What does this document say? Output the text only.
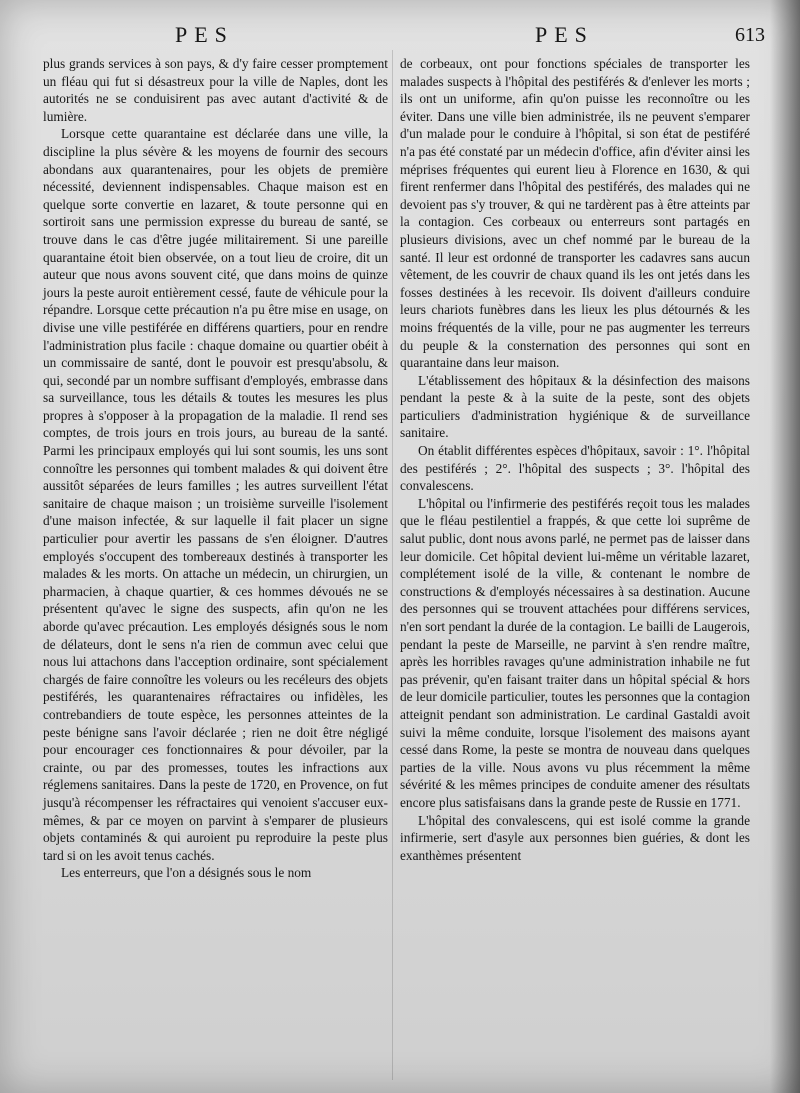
PES	PES	613

plus grands services à son pays, & d'y faire cesser promptement un fléau qui fut si désastreux pour la ville de Naples, dont les autorités ne se conduisirent pas avec autant d'activité & de lumière.

Lorsque cette quarantaine est déclarée dans une ville, la discipline la plus sévère & les moyens de fournir des secours abondans aux quarantenaires, pour les objets de première nécessité, deviennent indispensables. Chaque maison est en quelque sorte convertie en lazaret, & toute personne qui en sortiroit sans une permission expresse du bureau de santé, se trouve dans le cas d'être jugée militairement. Si une pareille quarantaine étoit bien observée, on a tout lieu de croire, dit un auteur que nous avons souvent cité, que dans moins de quinze jours la peste auroit entièrement cessé, faute de véhicule pour la répandre. Lorsque cette précaution n'a pu être mise en usage, on divise une ville pestiférée en différens quartiers, pour en rendre l'administration plus facile : chaque domaine ou quartier obéit à un commissaire de santé, dont le pouvoir est presqu'absolu, & qui, secondé par un nombre suffisant d'employés, embrasse dans sa surveillance, tous les détails & toutes les mesures les plus propres à s'opposer à la propagation de la maladie. Il rend ses comptes, de trois jours en trois jours, au bureau de la santé. Parmi les principaux employés qui lui sont soumis, les uns sont connoître les personnes qui tombent malades & qui doivent être aussitôt séparées de leurs familles ; les autres surveillent l'état sanitaire de chaque maison ; un troisième surveille l'isolement d'une maison infectée, & sur laquelle il fait placer un signe particulier pour avertir les passans de s'en éloigner. D'autres employés s'occupent des tombereaux destinés à transporter les malades & les morts. On attache un médecin, un chirurgien, un pharmacien, à chaque quartier, & ces hommes dévoués ne se présentent qu'avec le signe des suspects, afin qu'on ne les aborde qu'avec précaution. Les employés désignés sous le nom de délateurs, dont le sens n'a rien de commun avec celui que nous lui attachons dans l'acception ordinaire, sont spécialement chargés de faire connoître les voleurs ou les recéleurs des objets pestiférés, les quarantenaires réfractaires ou infidèles, les contrebandiers de toute espèce, les personnes atteintes de la peste bénigne sans l'avoir déclarée ; rien ne doit être négligé pour encourager ces fonctionnaires & pour dévoiler, par la crainte, ou par des promesses, toutes les infractions aux réglemens sanitaires. Dans la peste de 1720, en Provence, on fut jusqu'à récompenser les réfractaires qui venoient s'accuser eux-mêmes, & par ce moyen on parvint à s'emparer de plusieurs objets contaminés & qui auroient pu reproduire la peste plus tard si on les avoit tenus cachés.

Les enterreurs, que l'on a désignés sous le nom

de corbeaux, ont pour fonctions spéciales de transporter les malades suspects à l'hôpital des pestiférés & d'enlever les morts ; ils ont un uniforme, afin qu'on puisse les reconnoître ou les éviter. Dans une ville bien administrée, ils ne peuvent s'emparer d'un malade pour le conduire à l'hôpital, si son état de pestiféré n'a pas été constaté par un médecin d'office, afin d'éviter ainsi les méprises fréquentes qui eurent lieu à Florence en 1630, & qui firent renfermer dans l'hôpital des pestiférés, des malades qui ne devoient pas s'y trouver, & qui ne tardèrent pas à être atteints par la contagion. Ces corbeaux ou enterreurs sont partagés en plusieurs divisions, avec un chef nommé par le bureau de la santé. Il leur est ordonné de transporter les cadavres sans aucun vêtement, de les couvrir de chaux quand ils les ont jetés dans les fosses destinées à les recevoir. Ils doivent d'ailleurs conduire leurs chariots funèbres dans les lieux les plus détournés & les moins fréquentés de la ville, pour ne pas augmenter les terreurs du peuple & la consternation des personnes qui sont en quarantaine dans leur maison.

L'établissement des hôpitaux & la désinfection des maisons pendant la peste & à la suite de la peste, sont des objets particuliers d'administration hygiénique & de surveillance sanitaire.

On établit différentes espèces d'hôpitaux, savoir : 1°. l'hôpital des pestiférés ; 2°. l'hôpital des suspects ; 3°. l'hôpital des convalescens.

L'hôpital ou l'infirmerie des pestiférés reçoit tous les malades que le fléau pestilentiel a frappés, & que cette loi suprême de salut public, dont nous avons parlé, ne permet pas de laisser dans leur domicile. Cet hôpital devient lui-même un véritable lazaret, complétement isolé de la ville, & contenant le nombre de constructions & d'employés nécessaires à sa destination. Aucune des personnes qui se trouvent attachées pour différens services, n'en sort pendant la durée de la contagion. Le bailli de Laugerois, pendant la peste de Marseille, ne parvint à s'en rendre maître, après les horribles ravages qu'une administration inhabile ne fut pas prévenir, qu'en faisant traiter dans un hôpital spécial & hors de leur domicile particulier, toutes les personnes que la contagion atteignit pendant son administration. Le cardinal Gastaldi avoit suivi la même conduite, lorsque l'isolement des maisons ayant cessé dans Rome, la peste se montra de nouveau dans quelques parties de la ville. Nous avons vu plus récemment la même sévérité & les mêmes principes de conduite amener des résultats encore plus satisfaisans dans la grande peste de Russie en 1771.

L'hôpital des convalescens, qui est isolé comme la grande infirmerie, sert d'asyle aux personnes bien guéries, & dont les exanthèmes présentent
